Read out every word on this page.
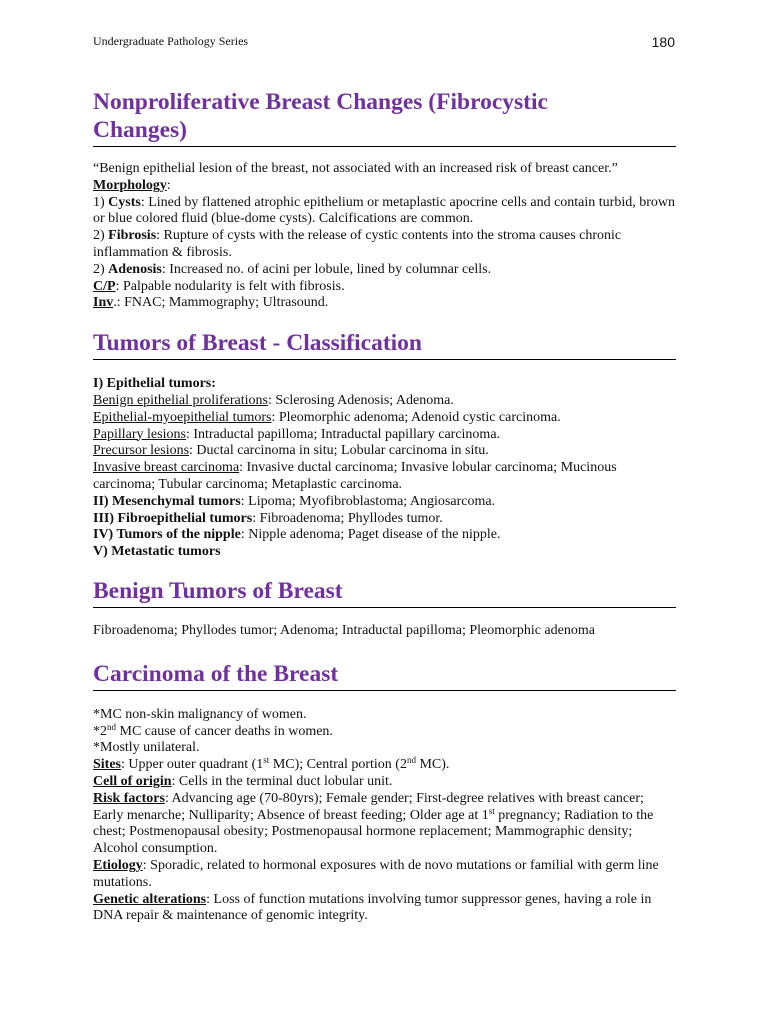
Undergraduate Pathology Series	180
Nonproliferative Breast Changes (Fibrocystic
Changes)

“Benign epithelial lesion of the breast, not associated with an increased risk of breast cancer.”

Morphology:

1) Cysts: Lined by flattened atrophic epithelium or metaplastic apocrine cells and contain turbid, brown or blue colored fluid (blue-dome cysts). Calcifications are common.

2) Fibrosis: Rupture of cysts with the release of cystic contents into the stroma causes chronic inflammation & fibrosis.

2) Adenosis: Increased no. of acini per lobule, lined by columnar cells.

C/P: Palpable nodularity is felt with fibrosis.

Inv.: FNAC; Mammography; Ultrasound.

Tumors of Breast - Classification

I) Epithelial tumors:

Benign epithelial proliferations: Sclerosing Adenosis; Adenoma.

Epithelial-myoepithelial tumors: Pleomorphic adenoma; Adenoid cystic carcinoma.

Papillary lesions: Intraductal papilloma; Intraductal papillary carcinoma.

Precursor lesions: Ductal carcinoma in situ; Lobular carcinoma in situ.

Invasive breast carcinoma: Invasive ductal carcinoma; Invasive lobular carcinoma; Mucinous carcinoma; Tubular carcinoma; Metaplastic carcinoma.

II) Mesenchymal tumors: Lipoma; Myofibroblastoma; Angiosarcoma.

III) Fibroepithelial tumors: Fibroadenoma; Phyllodes tumor.

IV) Tumors of the nipple: Nipple adenoma; Paget disease of the nipple.

V) Metastatic tumors

Benign Tumors of Breast

Fibroadenoma; Phyllodes tumor; Adenoma; Intraductal papilloma; Pleomorphic adenoma

Carcinoma of the Breast

*MC non-skin malignancy of women.

*2nd MC cause of cancer deaths in women.

*Mostly unilateral.

Sites: Upper outer quadrant (1st MC); Central portion (2nd MC).

Cell of origin: Cells in the terminal duct lobular unit.

Risk factors: Advancing age (70-80yrs); Female gender; First-degree relatives with breast cancer; Early menarche; Nulliparity; Absence of breast feeding; Older age at 1st pregnancy; Radiation to the chest; Postmenopausal obesity; Postmenopausal hormone replacement; Mammographic density; Alcohol consumption.

Etiology: Sporadic, related to hormonal exposures with de novo mutations or familial with germ line mutations.

Genetic alterations: Loss of function mutations involving tumor suppressor genes, having a role in DNA repair & maintenance of genomic integrity.
